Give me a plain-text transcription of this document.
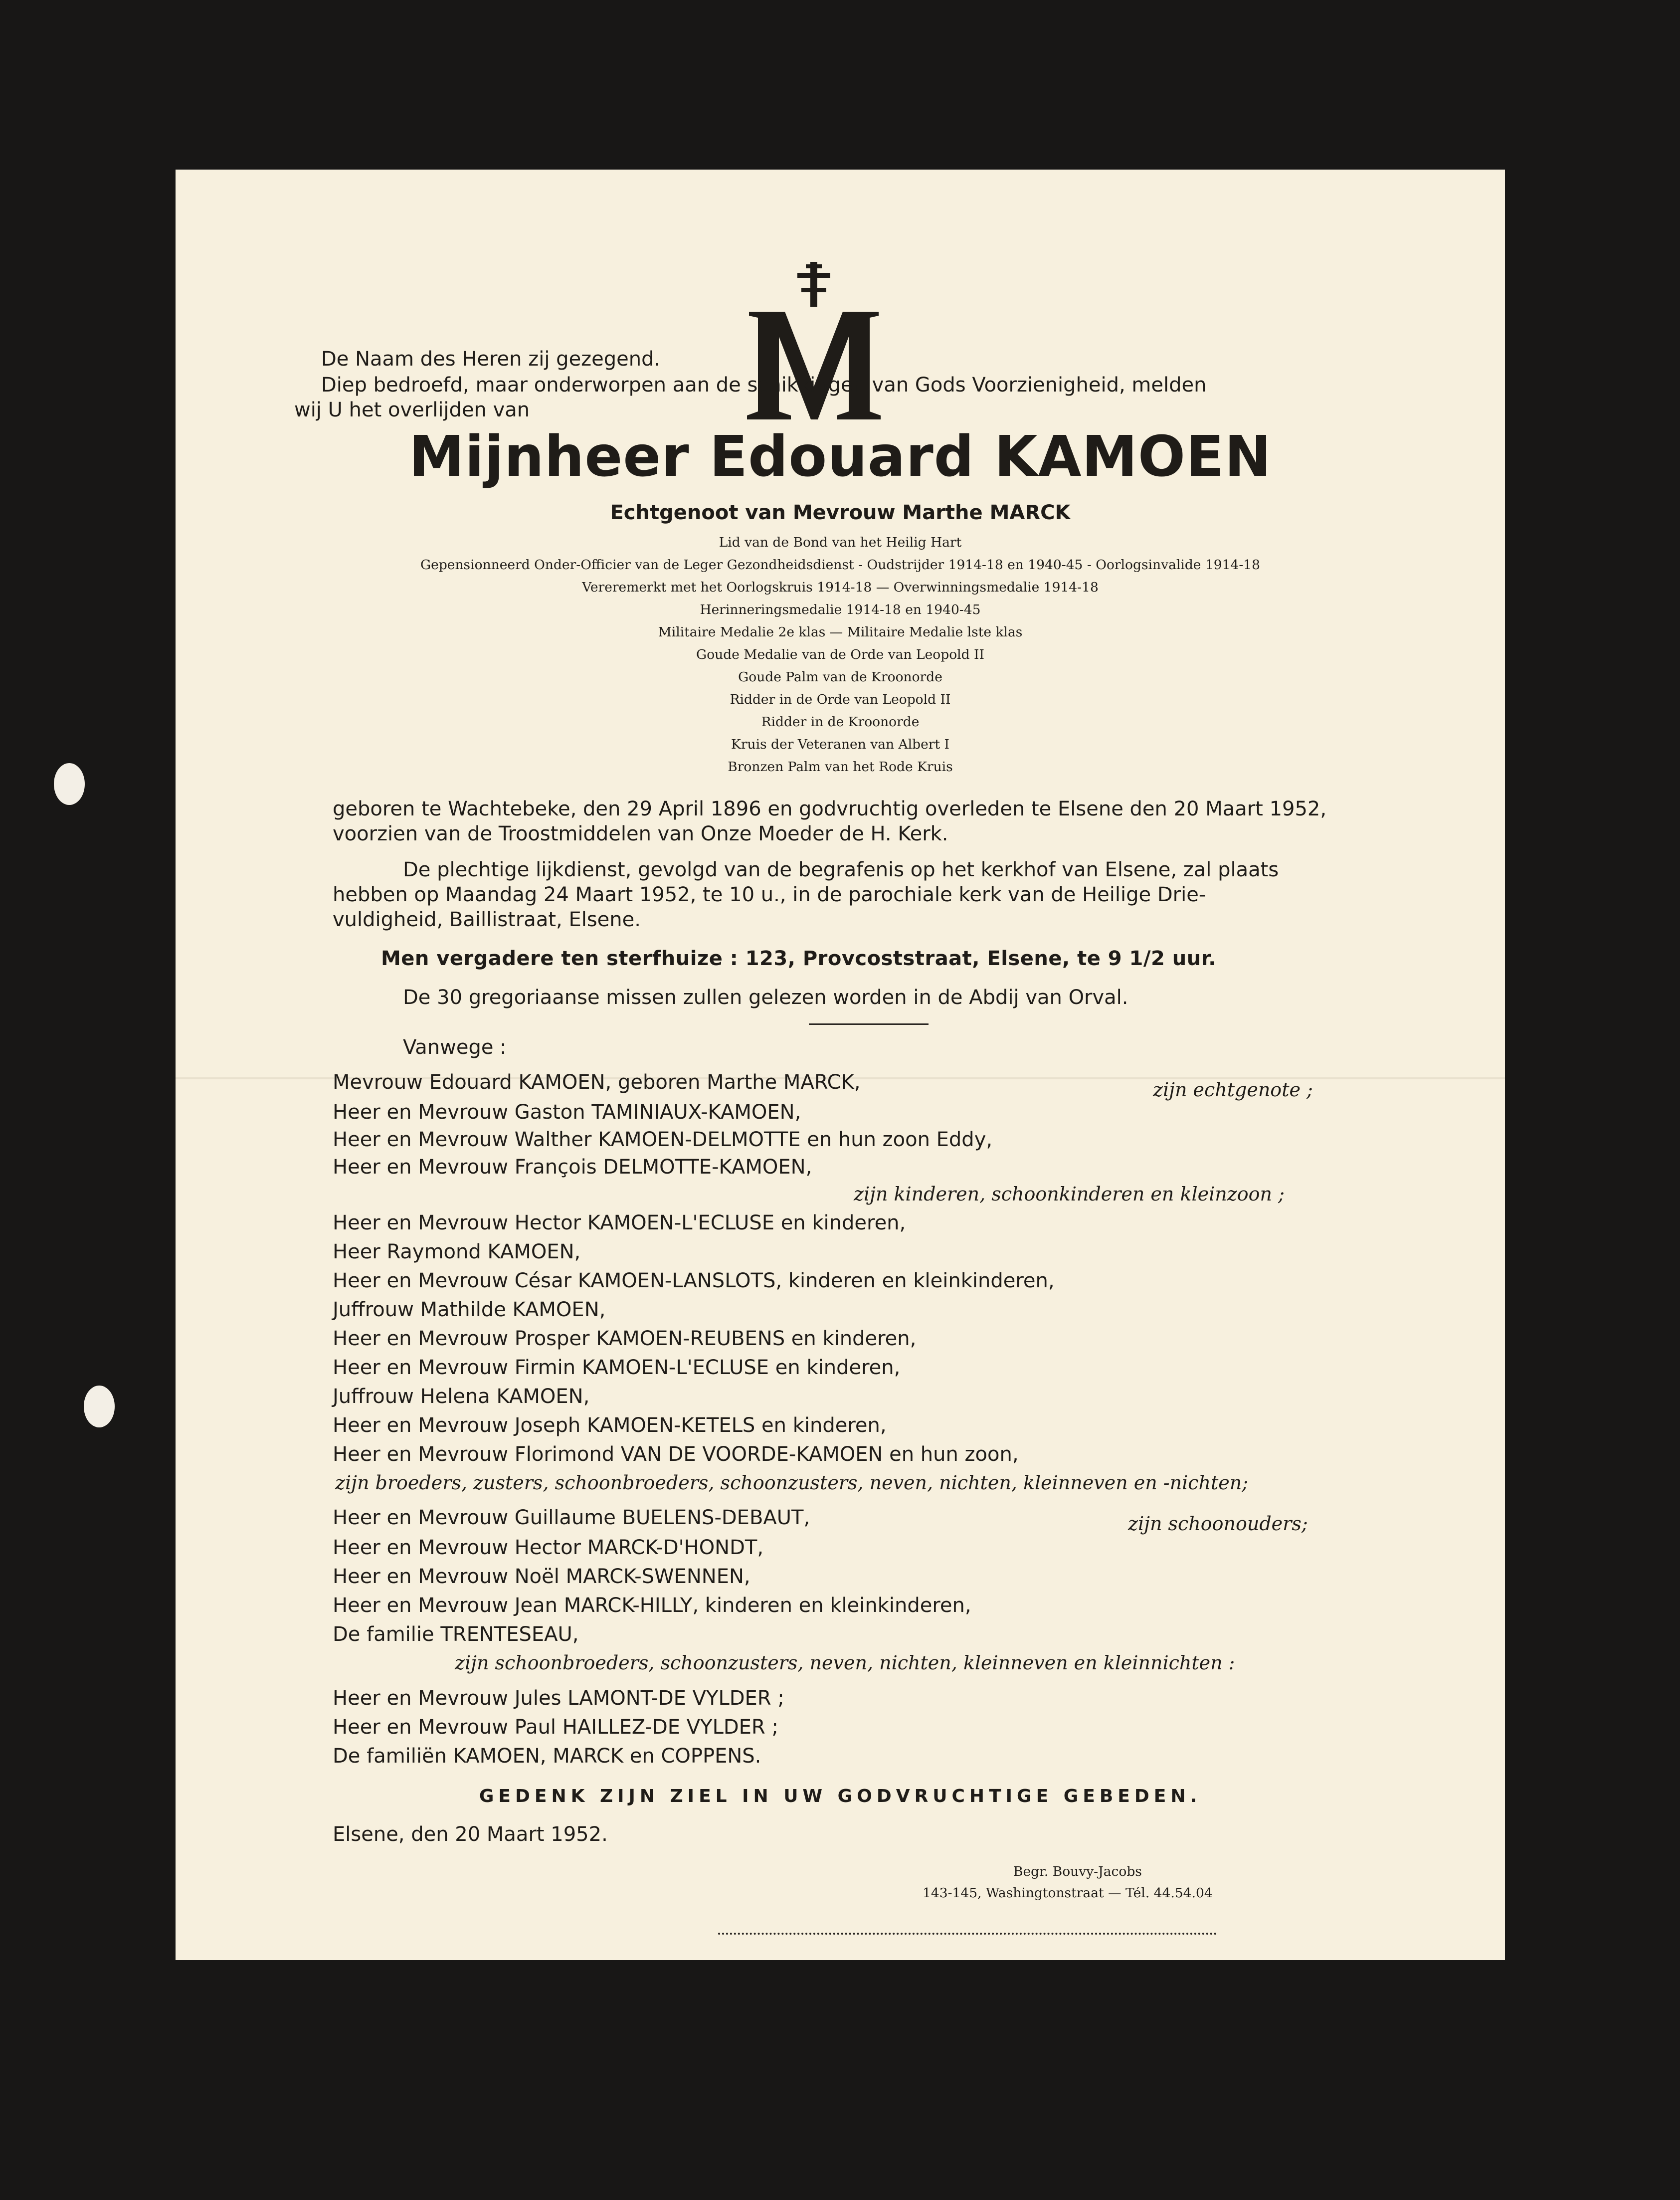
De Naam des Heren zij gezegend.
Diep bedroefd, maar onderworpen aan de schikkingen van Gods Voorzienigheid, melden
wij U het overlijden van
Mijnheer Edouard KAMOEN
Echtgenoot van Mevrouw Marthe MARCK
Lid van de Bond van het Heilig Hart
Gepensionneerd Onder-Officier van de Leger Gezondheidsdienst - Oudstrijder 1914-18 en 1940-45 - Oorlogsinvalide 1914-18
Vereremerkt met het Oorlogskruis 1914-18 — Overwinningsmedalie 1914-18
Herinneringsmedalie 1914-18 en 1940-45
Militaire Medalie 2e klas — Militaire Medalie lste klas
Goude Medalie van de Orde van Leopold II
Goude Palm van de Kroonorde
Ridder in de Orde van Leopold II
Ridder in de Kroonorde
Kruis der Veteranen van Albert I
Bronzen Palm van het Rode Kruis
geboren te Wachtebeke, den 29 April 1896 en godvruchtig overleden te Elsene den 20 Maart 1952,
voorzien van de Troostmiddelen van Onze Moeder de H. Kerk.
De plechtige lijkdienst, gevolgd van de begrafenis op het kerkhof van Elsene, zal plaats
hebben op Maandag 24 Maart 1952, te 10 u., in de parochiale kerk van de Heilige Drie-
vuldigheid, Baillistraat, Elsene.
Men vergadere ten sterfhuize : 123, Provcoststraat, Elsene, te 9 1/2 uur.
De 30 gregoriaanse missen zullen gelezen worden in de Abdij van Orval.
Vanwege :
Mevrouw Edouard KAMOEN, geboren Marthe MARCK,	zijn echtgenote ;
Heer en Mevrouw Gaston TAMINIAUX-KAMOEN,
Heer en Mevrouw Walther KAMOEN-DELMOTTE en hun zoon Eddy,
Heer en Mevrouw François DELMOTTE-KAMOEN,
zijn kinderen, schoonkinderen en kleinzoon ;
Heer en Mevrouw Hector KAMOEN-L'ECLUSE en kinderen,
Heer Raymond KAMOEN,
Heer en Mevrouw César KAMOEN-LANSLOTS, kinderen en kleinkinderen,
Juffrouw Mathilde KAMOEN,
Heer en Mevrouw Prosper KAMOEN-REUBENS en kinderen,
Heer en Mevrouw Firmin KAMOEN-L'ECLUSE en kinderen,
Juffrouw Helena KAMOEN,
Heer en Mevrouw Joseph KAMOEN-KETELS en kinderen,
Heer en Mevrouw Florimond VAN DE VOORDE-KAMOEN en hun zoon,
zijn broeders, zusters, schoonbroeders, schoonzusters, neven, nichten, kleinneven en -nichten;
Heer en Mevrouw Guillaume BUELENS-DEBAUT,	zijn schoonouders;
Heer en Mevrouw Hector MARCK-D'HONDT,
Heer en Mevrouw Noël MARCK-SWENNEN,
Heer en Mevrouw Jean MARCK-HILLY, kinderen en kleinkinderen,
De familie TRENTESEAU,
zijn schoonbroeders, schoonzusters, neven, nichten, kleinneven en kleinnichten :
Heer en Mevrouw Jules LAMONT-DE VYLDER ;
Heer en Mevrouw Paul HAILLEZ-DE VYLDER ;
De familiën KAMOEN, MARCK en COPPENS.
GEDENK ZIJN ZIEL IN UW GODVRUCHTIGE GEBEDEN.
Elsene, den 20 Maart 1952.
Begr. Bouvy-Jacobs
143-145, Washingtonstraat — Tél. 44.54.04
